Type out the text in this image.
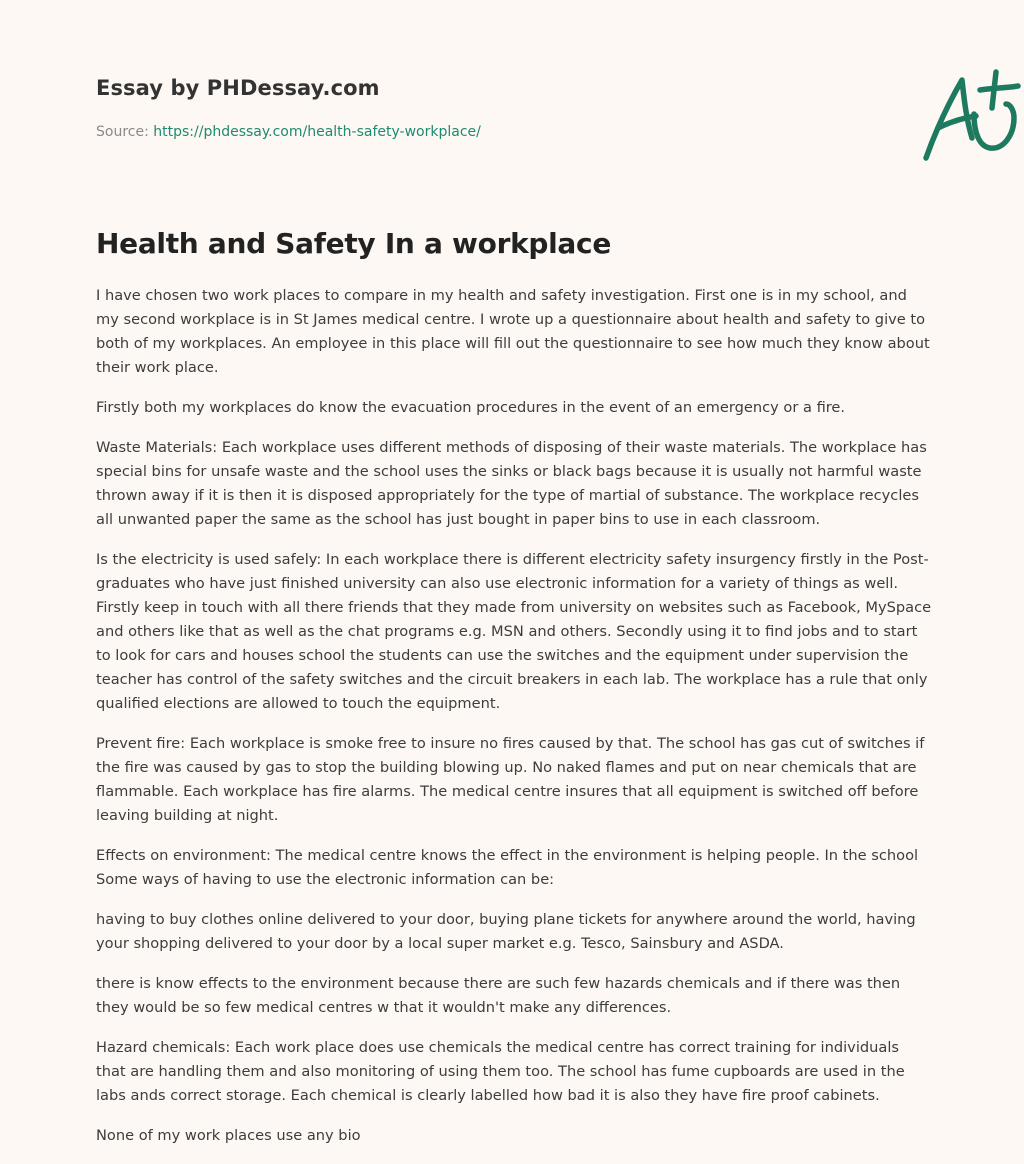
Essay by PHDessay.com
Source: https://phdessay.com/health-safety-workplace/
Health and Safety In a workplace

I have chosen two work places to compare in my health and safety investigation. First one is in my school, and my second workplace is in St James medical centre. I wrote up a questionnaire about health and safety to give to both of my workplaces. An employee in this place will fill out the questionnaire to see how much they know about their work place.

Firstly both my workplaces do know the evacuation procedures in the event of an emergency or a fire.

Waste Materials: Each workplace uses different methods of disposing of their waste materials. The workplace has special bins for unsafe waste and the school uses the sinks or black bags because it is usually not harmful waste thrown away if it is then it is disposed appropriately for the type of martial of substance. The workplace recycles all unwanted paper the same as the school has just bought in paper bins to use in each classroom.

Is the electricity is used safely: In each workplace there is different electricity safety insurgency firstly in the Post-graduates who have just finished university can also use electronic information for a variety of things as well. Firstly keep in touch with all there friends that they made from university on websites such as Facebook, MySpace and others like that as well as the chat programs e.g. MSN and others. Secondly using it to find jobs and to start to look for cars and houses school the students can use the switches and the equipment under supervision the teacher has control of the safety switches and the circuit breakers in each lab. The workplace has a rule that only qualified elections are allowed to touch the equipment.

Prevent fire: Each workplace is smoke free to insure no fires caused by that. The school has gas cut of switches if the fire was caused by gas to stop the building blowing up. No naked flames and put on near chemicals that are flammable. Each workplace has fire alarms. The medical centre insures that all equipment is switched off before leaving building at night.

Effects on environment: The medical centre knows the effect in the environment is helping people. In the school Some ways of having to use the electronic information can be:

having to buy clothes online delivered to your door, buying plane tickets for anywhere around the world, having your shopping delivered to your door by a local super market e.g. Tesco, Sainsbury and ASDA.

there is know effects to the environment because there are such few hazards chemicals and if there was then they would be so few medical centres w that it wouldn't make any differences.

Hazard chemicals: Each work place does use chemicals the medical centre has correct training for individuals that are handling them and also monitoring of using them too. The school has fume cupboards are used in the labs ands correct storage. Each chemical is clearly labelled how bad it is also they have fire proof cabinets.

None of my work places use any bio
